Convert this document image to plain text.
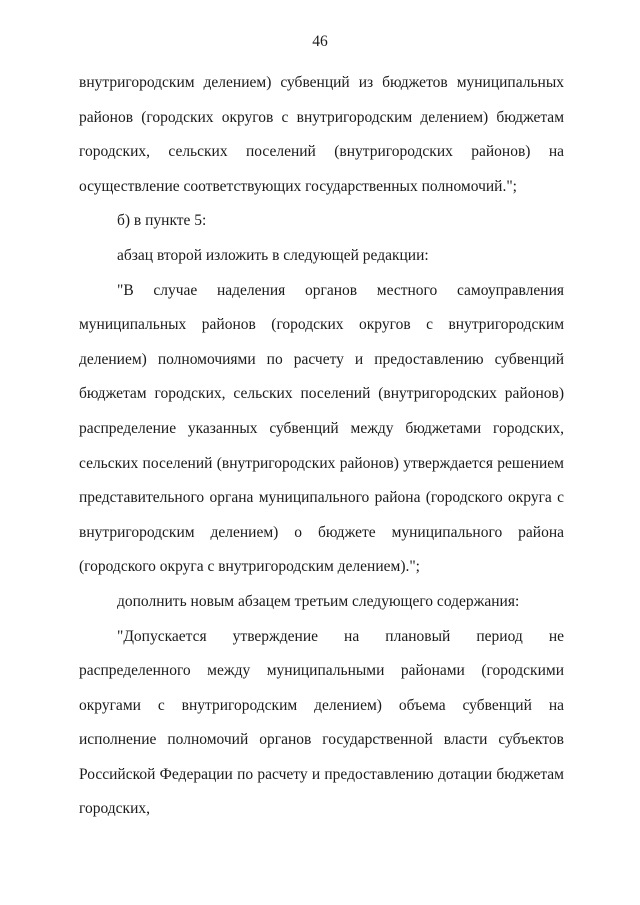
46

внутригородским делением) субвенций из бюджетов муниципальных районов (городских округов с внутригородским делением) бюджетам городских, сельских поселений (внутригородских районов) на осуществление соответствующих государственных полномочий.";

б) в пункте 5:

абзац второй изложить в следующей редакции:

"В случае наделения органов местного самоуправления муниципальных районов (городских округов с внутригородским делением) полномочиями по расчету и предоставлению субвенций бюджетам городских, сельских поселений (внутригородских районов) распределение указанных субвенций между бюджетами городских, сельских поселений (внутригородских районов) утверждается решением представительного органа муниципального района (городского округа с внутригородским делением) о бюджете муниципального района (городского округа с внутригородским делением).";

дополнить новым абзацем третьим следующего содержания:

"Допускается утверждение на плановый период не распределенного между муниципальными районами (городскими округами с внутригородским делением) объема субвенций на исполнение полномочий органов государственной власти субъектов Российской Федерации по расчету и предоставлению дотации бюджетам городских,
